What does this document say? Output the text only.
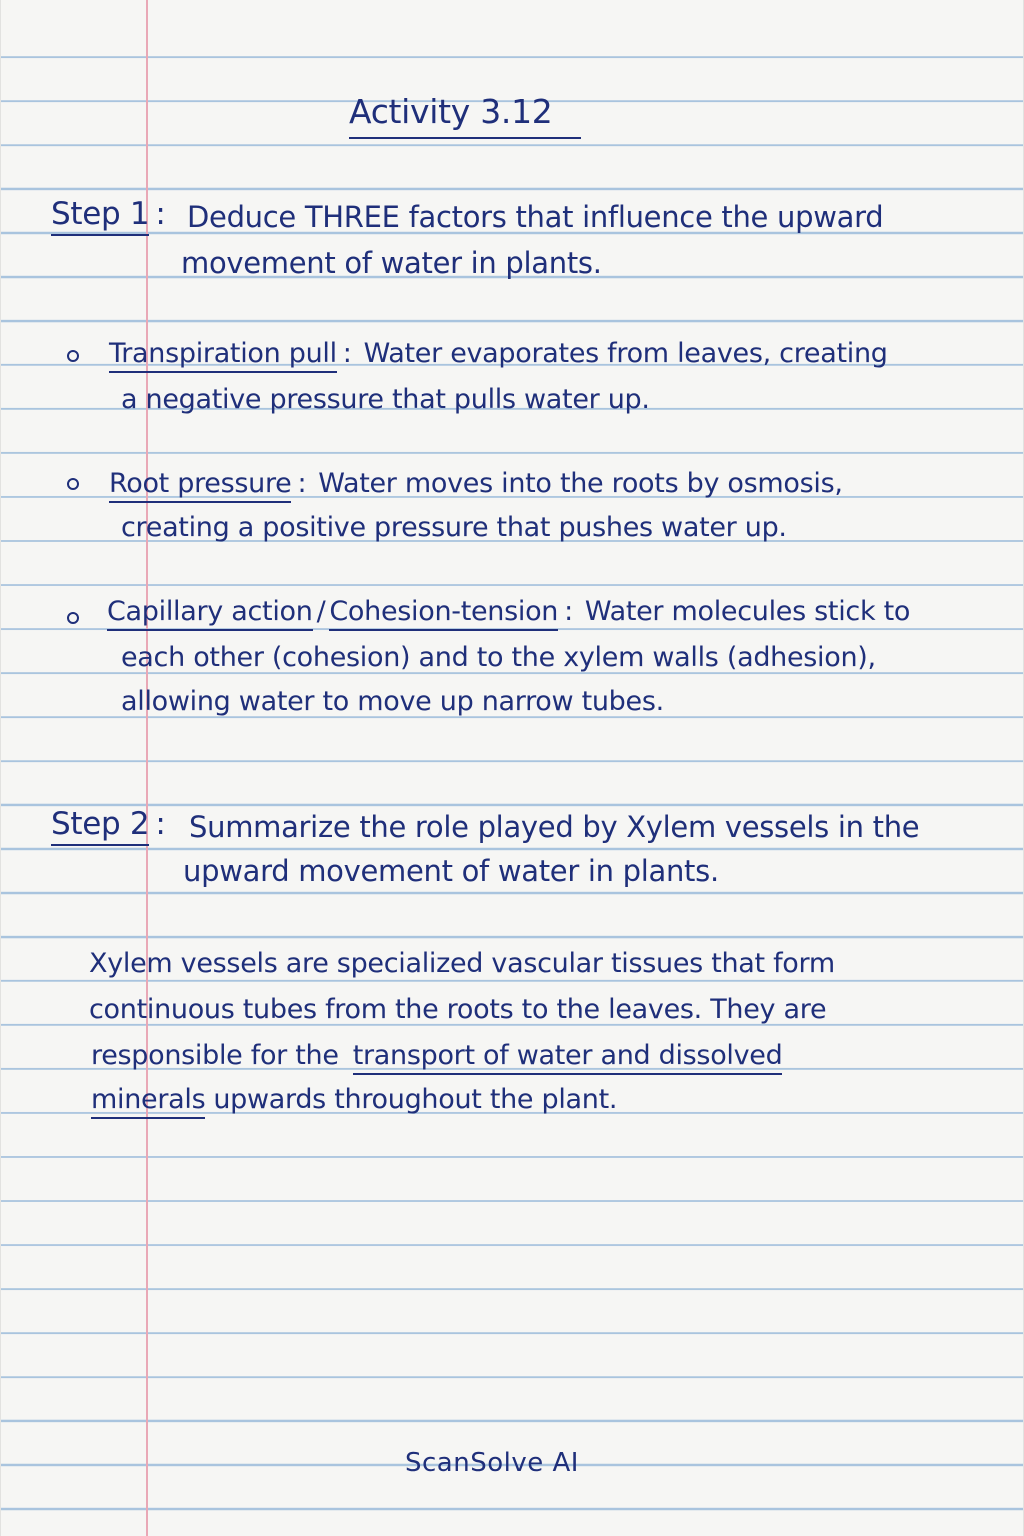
Activity 3.12
Step 1 : Deduce THREE factors that influence the upward
movement of water in plants.
Transpiration pull : Water evaporates from leaves, creating
a negative pressure that pulls water up.
Root pressure : Water moves into the roots by osmosis,
creating a positive pressure that pushes water up.
Capillary action / Cohesion-tension : Water molecules stick to
each other (cohesion) and to the xylem walls (adhesion),
allowing water to move up narrow tubes.
Step 2 : Summarize the role played by Xylem vessels in the
upward movement of water in plants.
Xylem vessels are specialized vascular tissues that form
continuous tubes from the roots to the leaves. They are
responsible for the transport of water and dissolved
minerals upwards throughout the plant.
ScanSolve AI
